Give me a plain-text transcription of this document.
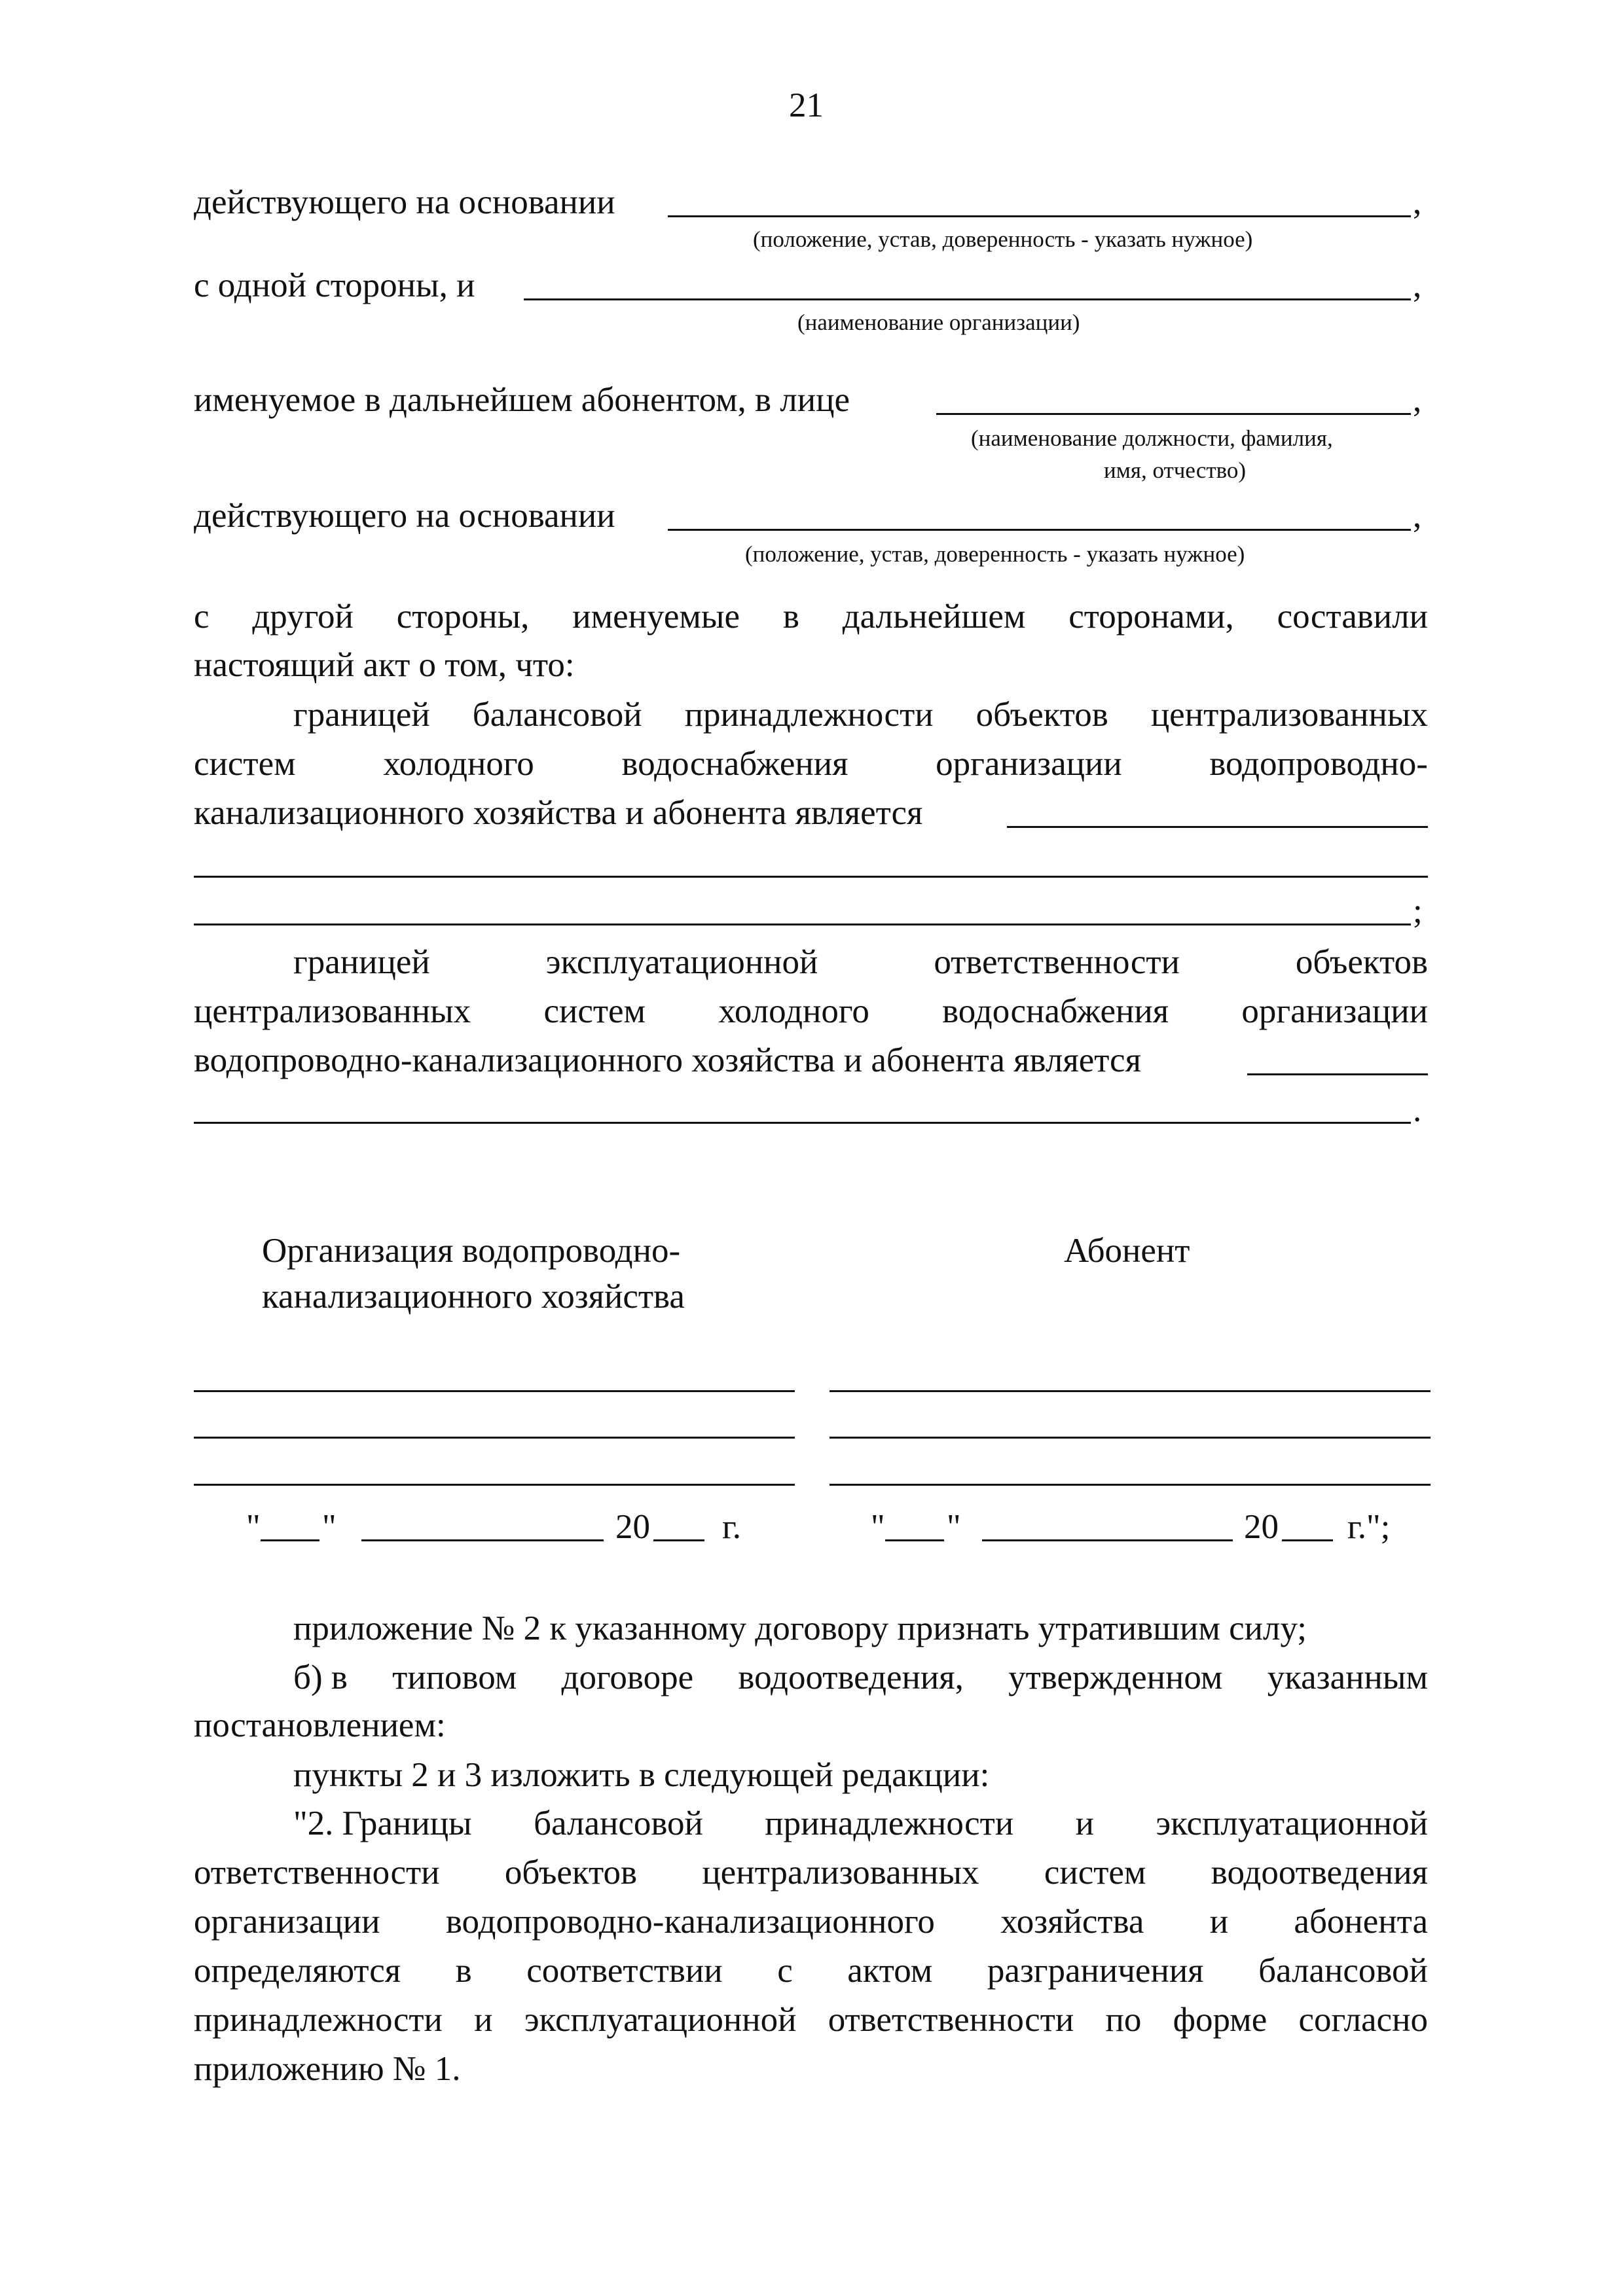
21
действующего на основании	,
(положение, устав, доверенность - указать нужное)
с одной стороны, и	,
(наименование организации)
именуемое в дальнейшем абонентом, в лице	,
(наименование должности, фамилия,
имя, отчество)
действующего на основании	,
(положение, устав, доверенность - указать нужное)
с другой стороны, именуемые в дальнейшем сторонами, составили
настоящий акт о том, что:
границей балансовой принадлежности объектов централизованных
систем	холодного	водоснабжения	организации	водопроводно-
канализационного хозяйства и абонента является
;
границей	эксплуатационной	ответственности	объектов
централизованных систем холодного водоснабжения организации
водопроводно-канализационного хозяйства и абонента является
.
Организация водопроводно-
канализационного хозяйства
Абонент
" "	20 г.	" "	20 г.";
приложение № 2 к указанному договору признать утратившим силу;
б) в типовом договоре водоотведения, утвержденном указанным
постановлением:
пункты 2 и 3 изложить в следующей редакции:
"2. Границы балансовой принадлежности и эксплуатационной
ответственности объектов централизованных систем водоотведения
организации водопроводно-канализационного хозяйства и абонента
определяются в соответствии с актом разграничения балансовой
принадлежности и эксплуатационной ответственности по форме согласно
приложению № 1.
